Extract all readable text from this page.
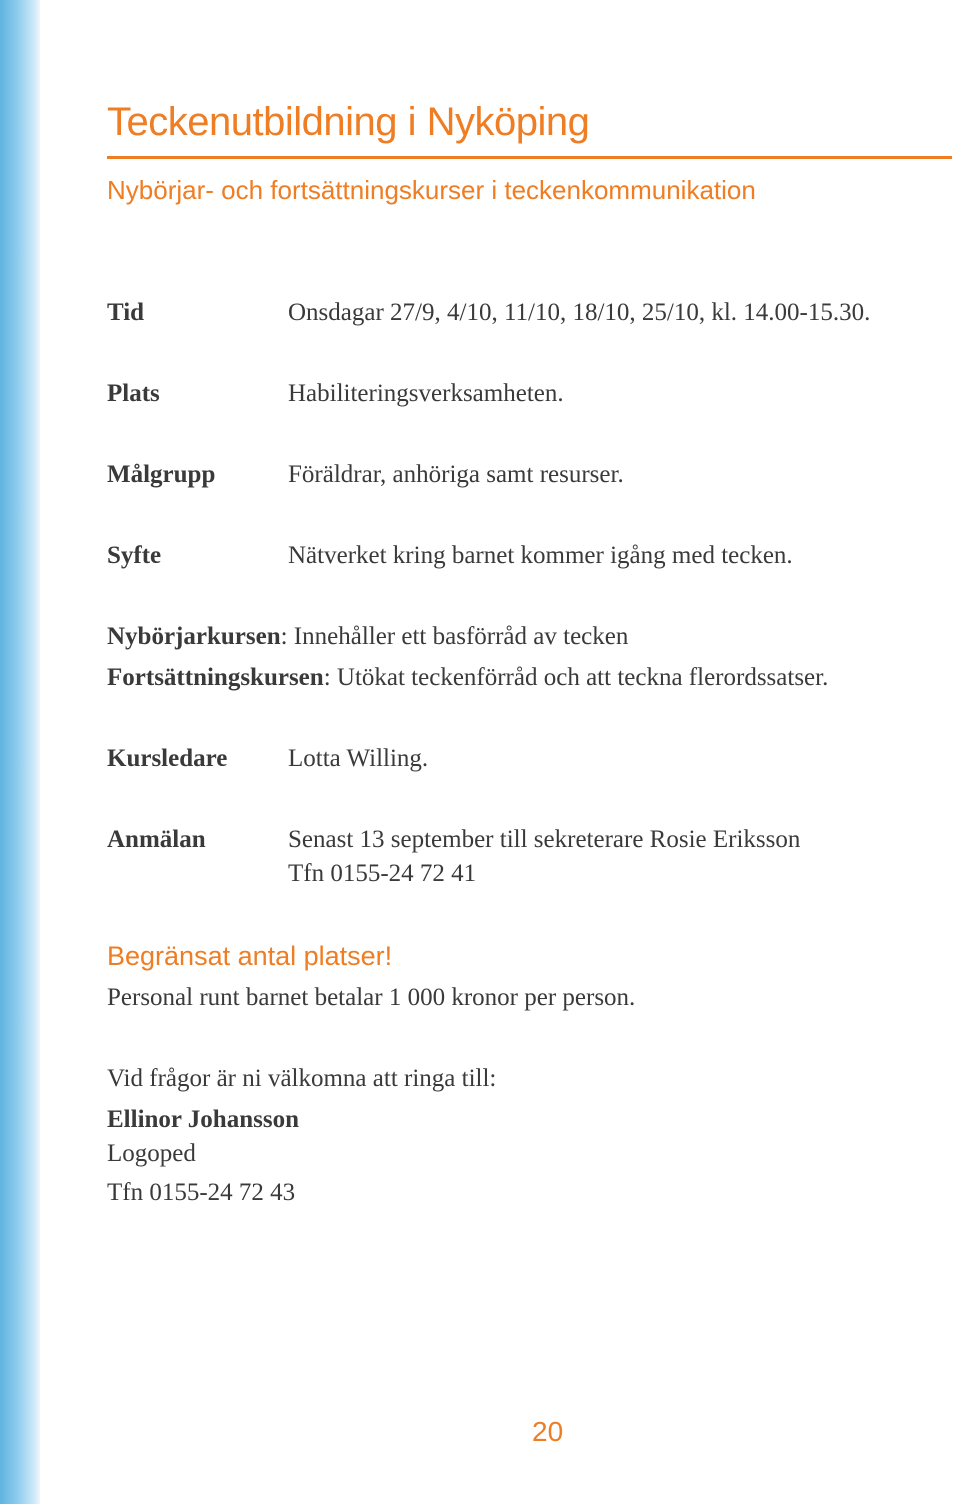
Teckenutbildning i Nyköping
Nybörjar- och fortsättningskurser i teckenkommunikation
Tid	Onsdagar 27/9, 4/10, 11/10, 18/10, 25/10, kl. 14.00-15.30.
Plats	Habiliteringsverksamheten.
Målgrupp	Föräldrar, anhöriga samt resurser.
Syfte	Nätverket kring barnet kommer igång med tecken.
Nybörjarkursen: Innehåller ett basförråd av tecken
Fortsättningskursen: Utökat teckenförråd och att teckna flerordssatser.
Kursledare Lotta Willing.
Anmälan	Senast 13 september till sekreterare Rosie Eriksson
Tfn 0155-24 72 41
Begränsat antal platser!
Personal runt barnet betalar 1 000 kronor per person.
Vid frågor är ni välkomna att ringa till:
Ellinor Johansson
Logoped
Tfn 0155-24 72 43
20
